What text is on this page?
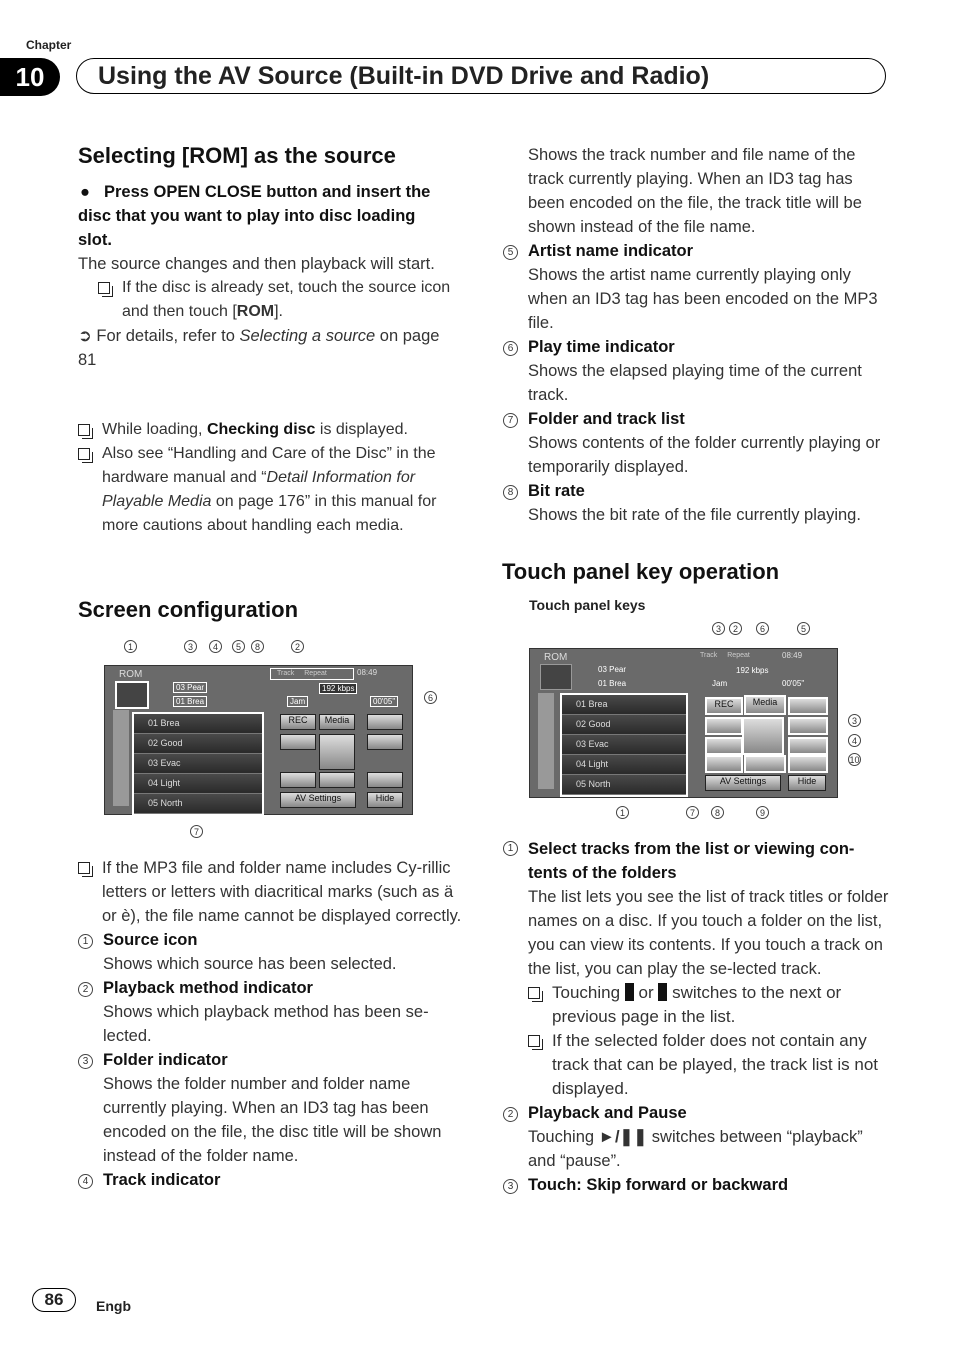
Chapter
10	Using the AV Source (Built-in DVD Drive and Radio)
Selecting [ROM] as the source
● Press OPEN CLOSE button and insert the disc that you want to play into disc loading slot.
The source changes and then playback will start.
If the disc is already set, touch the source icon and then touch [ROM].
➲ For details, refer to Selecting a source on page 81
While loading, Checking disc is displayed.
Also see “Handling and Care of the Disc” in the hardware manual and “Detail Information for Playable Media on page 176” in this manual for more cautions about handling each media.
Screen configuration
1	3	4	5	8	2
6
7
ROM
03 Pear
01 Brea
Track Repeat	08:49
192 kbps
Jam	00'05"
01 Brea
02 Good
03 Evac
04 Light
05 North
REC	Media
AV Settings	Hide
If the MP3 file and folder name includes Cy-rillic letters or letters with diacritical marks (such as ä or è), the file name cannot be displayed correctly.
1 Source icon
Shows which source has been selected.
2 Playback method indicator
Shows which playback method has been se-lected.
3 Folder indicator
Shows the folder number and folder name currently playing. When an ID3 tag has been encoded on the file, the disc title will be shown instead of the folder name.
4 Track indicator
Shows the track number and file name of the track currently playing. When an ID3 tag has been encoded on the file, the track title will be shown instead of the file name.
5 Artist name indicator
Shows the artist name currently playing only when an ID3 tag has been encoded on the MP3 file.
6 Play time indicator
Shows the elapsed playing time of the current track.
7 Folder and track list
Shows contents of the folder currently playing or temporarily displayed.
8 Bit rate
Shows the bit rate of the file currently playing.
Touch panel key operation
Touch panel keys
3	2	6	5
3
4
10
1	7	8	9
ROM
03 Pear
01 Brea
Track Repeat	08:49
192 kbps
Jam	00'05"
01 Brea
02 Good
03 Evac
04 Light
05 North
REC	Media
AV Settings	Hide
1 Select tracks from the list or viewing con-tents of the folders
The list lets you see the list of track titles or folder names on a disc. If you touch a folder on the list, you can view its contents. If you touch a track on the list, you can play the se-lected track.
Touching  or  switches to the next or previous page in the list.
If the selected folder does not contain any track that can be played, the track list is not displayed.
2 Playback and Pause
Touching ►/❚❚ switches between “playback” and “pause”.
3 Touch: Skip forward or backward
86	Engb
